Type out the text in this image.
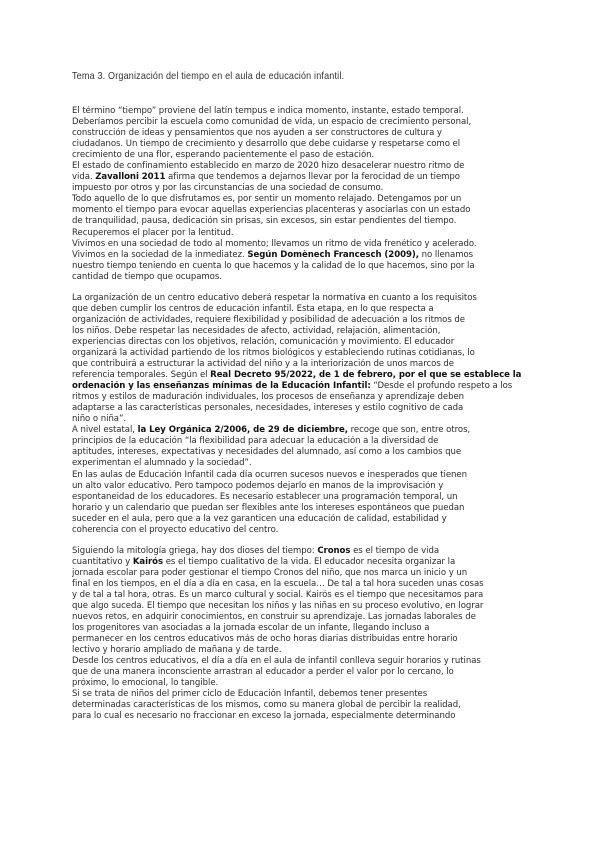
Tema 3. Organización del tiempo en el aula de educación infantil.
El término “tiempo” proviene del latín tempus e indica momento, instante, estado temporal.
Deberíamos percibir la escuela como comunidad de vida, un espacio de crecimiento personal,
construcción de ideas y pensamientos que nos ayuden a ser constructores de cultura y
ciudadanos. Un tiempo de crecimiento y desarrollo que debe cuidarse y respetarse como el
crecimiento de una flor, esperando pacientemente el paso de estación.
El estado de confinamiento establecido en marzo de 2020 hizo desacelerar nuestro ritmo de
vida. Zavalloni 2011 afirma que tendemos a dejarnos llevar por la ferocidad de un tiempo
impuesto por otros y por las circunstancias de una sociedad de consumo.
Todo aquello de lo que disfrutamos es, por sentir un momento relajado. Detengamos por un
momento el tiempo para evocar aquellas experiencias placenteras y asociarlas con un estado
de tranquilidad, pausa, dedicación sin prisas, sin excesos, sin estar pendientes del tiempo.
Recuperemos el placer por la lentitud.
Vivimos en una sociedad de todo al momento; llevamos un ritmo de vida frenético y acelerado.
Vivimos en la sociedad de la inmediatez. Según Domènech Francesch (2009), no llenamos
nuestro tiempo teniendo en cuenta lo que hacemos y la calidad de lo que hacemos, sino por la
cantidad de tiempo que ocupamos.
La organización de un centro educativo deberá respetar la normativa en cuanto a los requisitos
que deben cumplir los centros de educación infantil. Esta etapa, en lo que respecta a
organización de actividades, requiere flexibilidad y posibilidad de adecuación a los ritmos de
los niños. Debe respetar las necesidades de afecto, actividad, relajación, alimentación,
experiencias directas con los objetivos, relación, comunicación y movimiento. El educador
organizará la actividad partiendo de los ritmos biológicos y estableciendo rutinas cotidianas, lo
que contribuirá a estructurar la actividad del niño y a la interiorización de unos marcos de
referencia temporales. Según el Real Decreto 95/2022, de 1 de febrero, por el que se establece la
ordenación y las enseñanzas mínimas de la Educación Infantil: “Desde el profundo respeto a los
ritmos y estilos de maduración individuales, los procesos de enseñanza y aprendizaje deben
adaptarse a las características personales, necesidades, intereses y estilo cognitivo de cada
niño o niña”.
A nivel estatal, la Ley Orgánica 2/2006, de 29 de diciembre, recoge que son, entre otros,
principios de la educación “la flexibilidad para adecuar la educación a la diversidad de
aptitudes, intereses, expectativas y necesidades del alumnado, así como a los cambios que
experimentan el alumnado y la sociedad”.
En las aulas de Educación Infantil cada día ocurren sucesos nuevos e inesperados que tienen
un alto valor educativo. Pero tampoco podemos dejarlo en manos de la improvisación y
espontaneidad de los educadores. Es necesario establecer una programación temporal, un
horario y un calendario que puedan ser flexibles ante los intereses espontáneos que puedan
suceder en el aula, pero que a la vez garanticen una educación de calidad, estabilidad y
coherencia con el proyecto educativo del centro.
Siguiendo la mitología griega, hay dos dioses del tiempo: Cronos es el tiempo de vida
cuantitativo y Kairós es el tiempo cualitativo de la vida. El educador necesita organizar la
jornada escolar para poder gestionar el tiempo Cronos del niño, que nos marca un inicio y un
final en los tiempos, en el día a día en casa, en la escuela… De tal a tal hora suceden unas cosas
y de tal a tal hora, otras. Es un marco cultural y social. Kairós es el tiempo que necesitamos para
que algo suceda. El tiempo que necesitan los niños y las niñas en su proceso evolutivo, en lograr
nuevos retos, en adquirir conocimientos, en construir su aprendizaje. Las jornadas laborales de
los progenitores van asociadas a la jornada escolar de un infante, llegando incluso a
permanecer en los centros educativos más de ocho horas diarias distribuidas entre horario
lectivo y horario ampliado de mañana y de tarde.
Desde los centros educativos, el día a día en el aula de infantil conlleva seguir horarios y rutinas
que de una manera inconsciente arrastran al educador a perder el valor por lo cercano, lo
próximo, lo emocional, lo tangible.
Si se trata de niños del primer ciclo de Educación Infantil, debemos tener presentes
determinadas características de los mismos, como su manera global de percibir la realidad,
para lo cual es necesario no fraccionar en exceso la jornada, especialmente determinando
